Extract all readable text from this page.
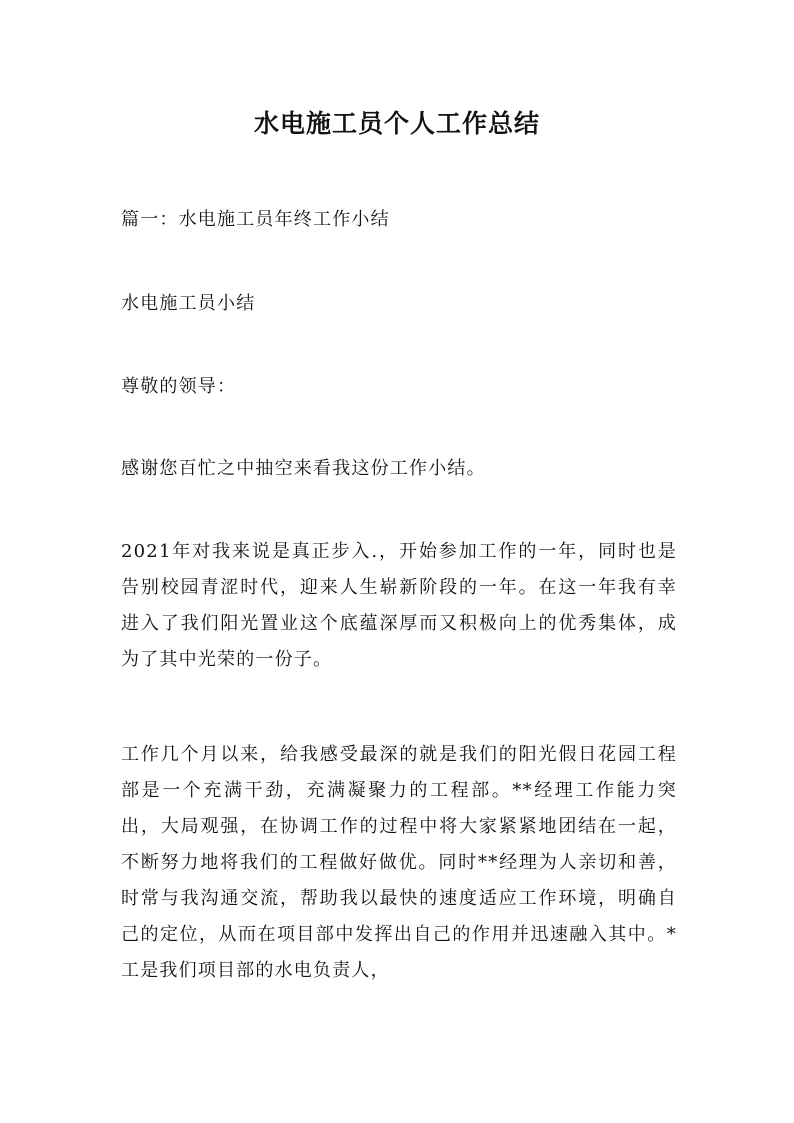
水电施工员个人工作总结

篇一：水电施工员年终工作小结

水电施工员小结

尊敬的领导：

感谢您百忙之中抽空来看我这份工作小结。

2021年对我来说是真正步入.，开始参加工作的一年，同时也是告别校园青涩时代，迎来人生崭新阶段的一年。在这一年我有幸进入了我们阳光置业这个底蕴深厚而又积极向上的优秀集体，成为了其中光荣的一份子。

工作几个月以来，给我感受最深的就是我们的阳光假日花园工程部是一个充满干劲，充满凝聚力的工程部。**经理工作能力突出，大局观强，在协调工作的过程中将大家紧紧地团结在一起，不断努力地将我们的工程做好做优。同时**经理为人亲切和善，时常与我沟通交流，帮助我以最快的速度适应工作环境，明确自己的定位，从而在项目部中发挥出自己的作用并迅速融入其中。*工是我们项目部的水电负责人，
